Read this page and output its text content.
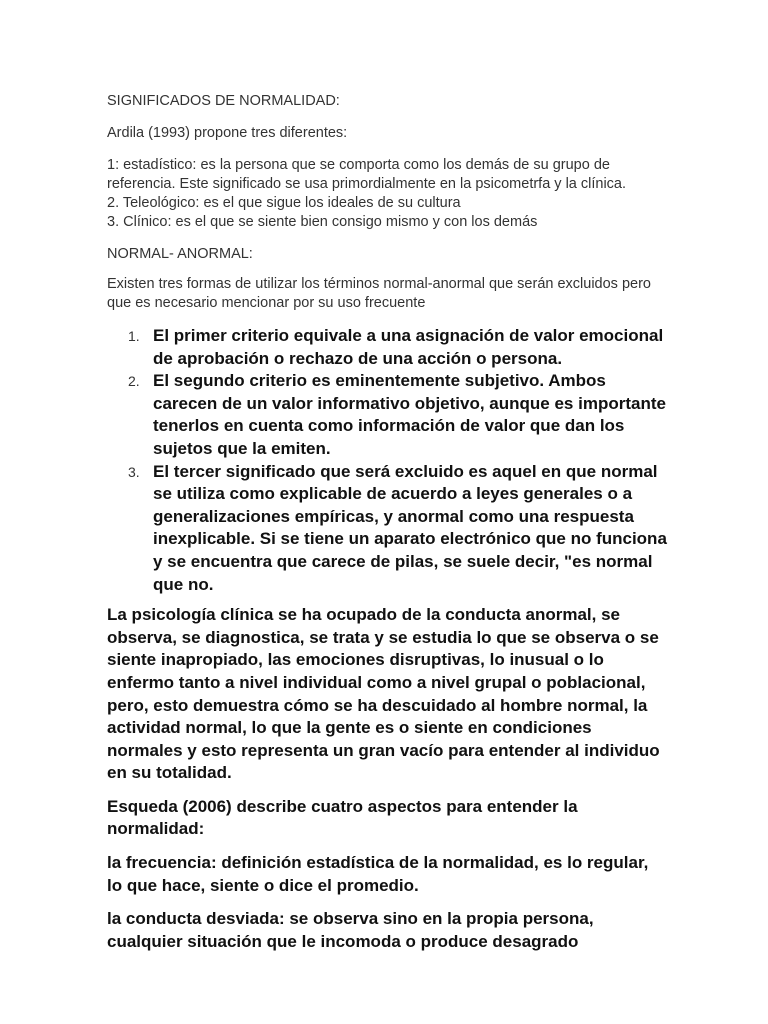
SIGNIFICADOS DE NORMALIDAD:

Ardila (1993) propone tres diferentes:

1: estadístico: es la persona que se comporta como los demás de su grupo de referencia. Este significado se usa primordialmente en la psicometrfa y la clínica.

2. Teleológico: es el que sigue los ideales de su cultura

3. Clínico: es el que se siente bien consigo mismo y con los demás

NORMAL- ANORMAL:

Existen tres formas de utilizar los términos normal-anormal que serán excluidos pero que es necesario mencionar por su uso frecuente

1. El primer criterio equivale a una asignación de valor emocional de aprobación o rechazo de una acción o persona.
2. El segundo criterio es eminentemente subjetivo. Ambos carecen de un valor informativo objetivo, aunque es importante tenerlos en cuenta como información de valor que dan los sujetos que la emiten.
3. El tercer significado que será excluido es aquel en que normal se utiliza como explicable de acuerdo a leyes generales o a generalizaciones empíricas, y anormal como una respuesta inexplicable. Si se tiene un aparato electrónico que no funciona y se encuentra que carece de pilas, se suele decir, "es normal que no.

La psicología clínica se ha ocupado de la conducta anormal, se observa, se diagnostica, se trata y se estudia lo que se observa o se siente inapropiado, las emociones disruptivas, lo inusual o lo enfermo tanto a nivel individual como a nivel grupal o poblacional, pero, esto demuestra cómo se ha descuidado al hombre normal, la actividad normal, lo que la gente es o siente en condiciones normales y esto representa un gran vacío para entender al individuo en su totalidad.

Esqueda (2006) describe cuatro aspectos para entender la normalidad:

la frecuencia: definición estadística de la normalidad, es lo regular, lo que hace, siente o dice el promedio.

la conducta desviada: se observa sino en la propia persona, cualquier situación que le incomoda o produce desagrado
